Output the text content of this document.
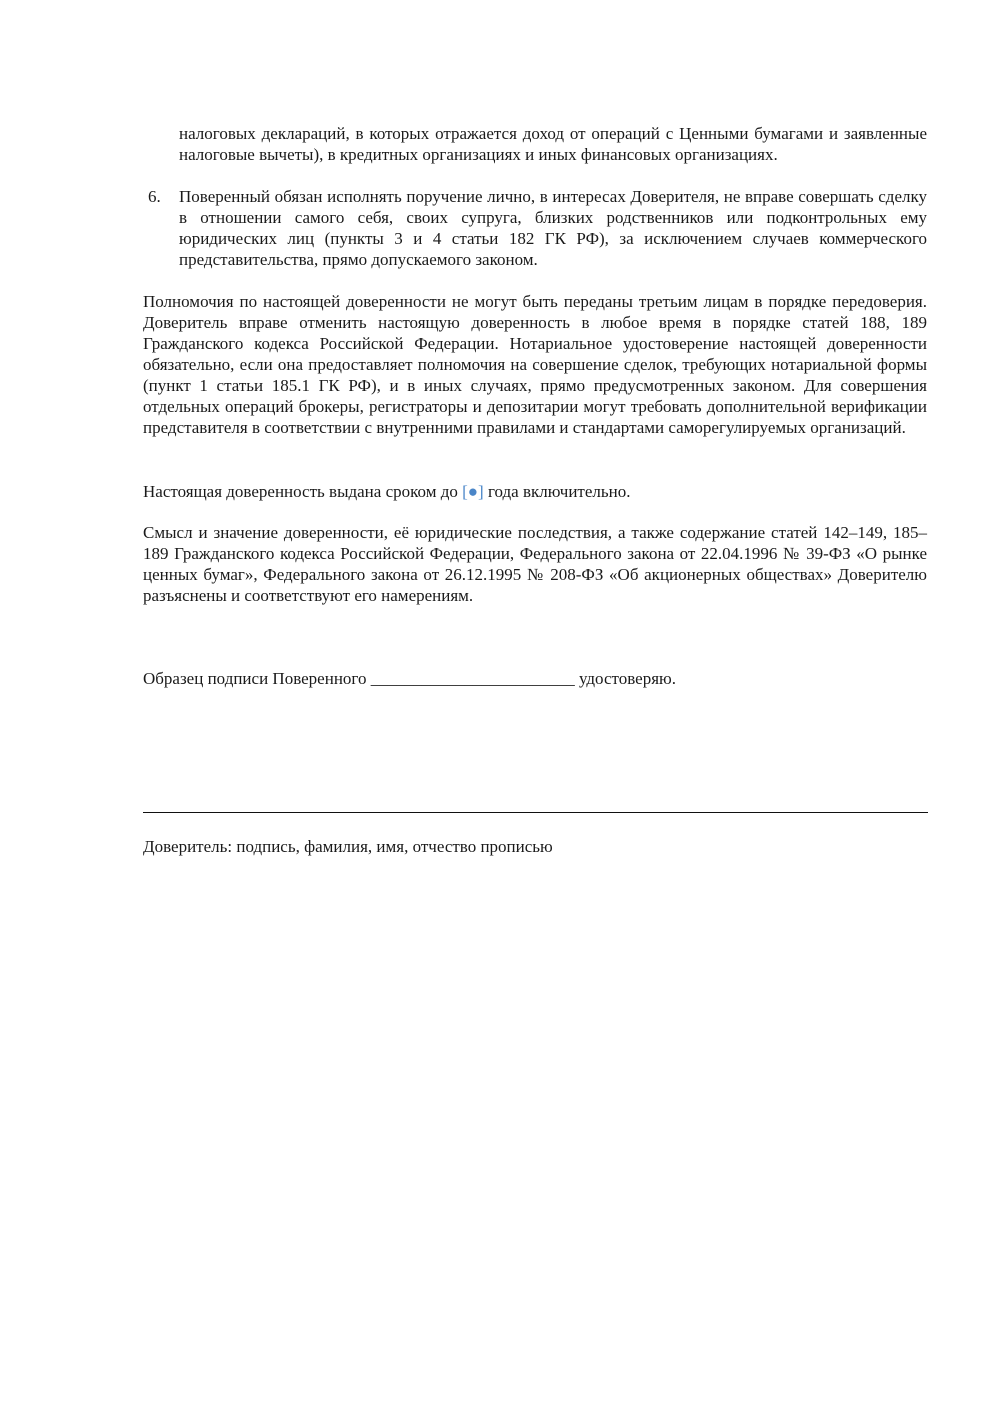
налоговых деклараций, в которых отражается доход от операций с Ценными бумагами и заявленные налоговые вычеты), в кредитных организациях и иных финансовых организациях.

6.	Поверенный обязан исполнять поручение лично, в интересах Доверителя, не вправе совершать сделку в отношении самого себя, своих супруга, близких родственников или подконтрольных ему юридических лиц (пункты 3 и 4 статьи 182 ГК РФ), за исключением случаев коммерческого представительства, прямо допускаемого законом.

Полномочия по настоящей доверенности не могут быть переданы третьим лицам в порядке передоверия. Доверитель вправе отменить настоящую доверенность в любое время в порядке статей 188, 189 Гражданского кодекса Российской Федерации. Нотариальное удостоверение настоящей доверенности обязательно, если она предоставляет полномочия на совершение сделок, требующих нотариальной формы (пункт 1 статьи 185.1 ГК РФ), и в иных случаях, прямо предусмотренных законом. Для совершения отдельных операций брокеры, регистраторы и депозитарии могут требовать дополнительной верификации представителя в соответствии с внутренними правилами и стандартами саморегулируемых организаций.

Настоящая доверенность выдана сроком до [●] года включительно.

Смысл и значение доверенности, её юридические последствия, а также содержание статей 142–149, 185–189 Гражданского кодекса Российской Федерации, Федерального закона от 22.04.1996 № 39-ФЗ «О рынке ценных бумаг», Федерального закона от 26.12.1995 № 208-ФЗ «Об акционерных обществах» Доверителю разъяснены и соответствуют его намерениям.

Образец подписи Поверенного ________________________ удостоверяю.

Доверитель: подпись, фамилия, имя, отчество прописью
